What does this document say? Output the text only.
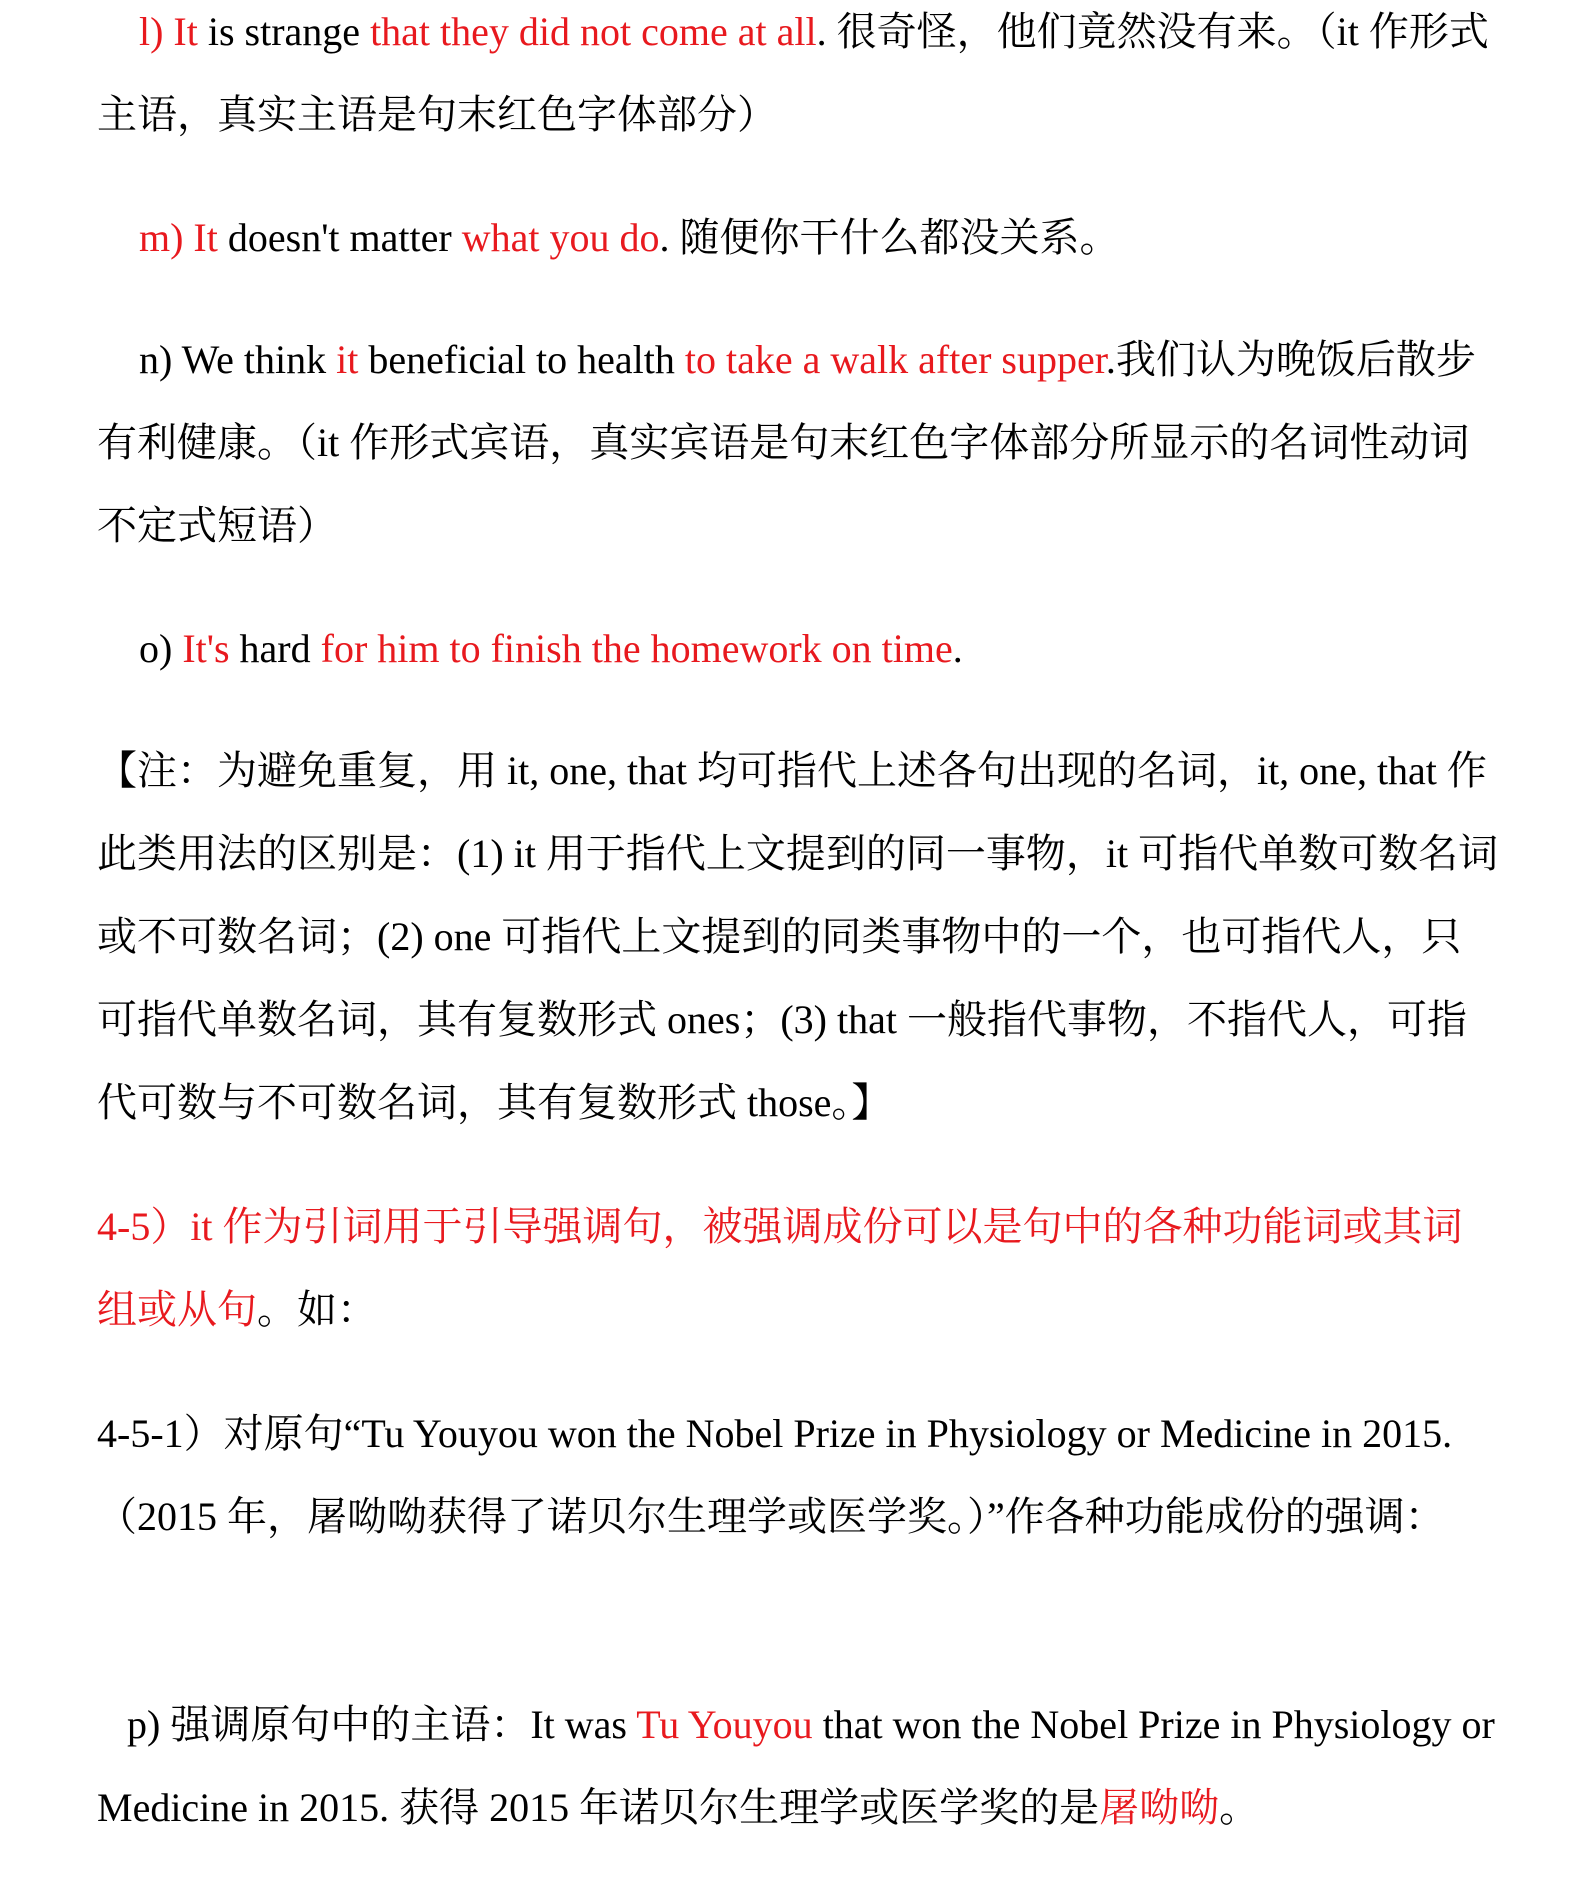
l) It is strange that they did not come at all. 很奇怪，他们竟然没有来。（it 作形式主语，真实主语是句末红色字体部分）

m) It doesn't matter what you do. 随便你干什么都没关系。

n) We think it beneficial to health to take a walk after supper.我们认为晚饭后散步有利健康。（it 作形式宾语，真实宾语是句末红色字体部分所显示的名词性动词不定式短语）

o) It's hard for him to finish the homework on time.

【注：为避免重复，用 it, one, that 均可指代上述各句出现的名词，it, one, that 作此类用法的区别是：(1) it 用于指代上文提到的同一事物，it 可指代单数可数名词或不可数名词；(2) one 可指代上文提到的同类事物中的一个，也可指代人，只可指代单数名词，其有复数形式 ones；(3) that 一般指代事物，不指代人，可指代可数与不可数名词，其有复数形式 those。】

4-5）it 作为引词用于引导强调句，被强调成份可以是句中的各种功能词或其词组或从句。如：

4-5-1）对原句“Tu Youyou won the Nobel Prize in Physiology or Medicine in 2015.（2015 年，屠呦呦获得了诺贝尔生理学或医学奖。）”作各种功能成份的强调：

p) 强调原句中的主语：It was Tu Youyou that won the Nobel Prize in Physiology or Medicine in 2015. 获得 2015 年诺贝尔生理学或医学奖的是屠呦呦。
